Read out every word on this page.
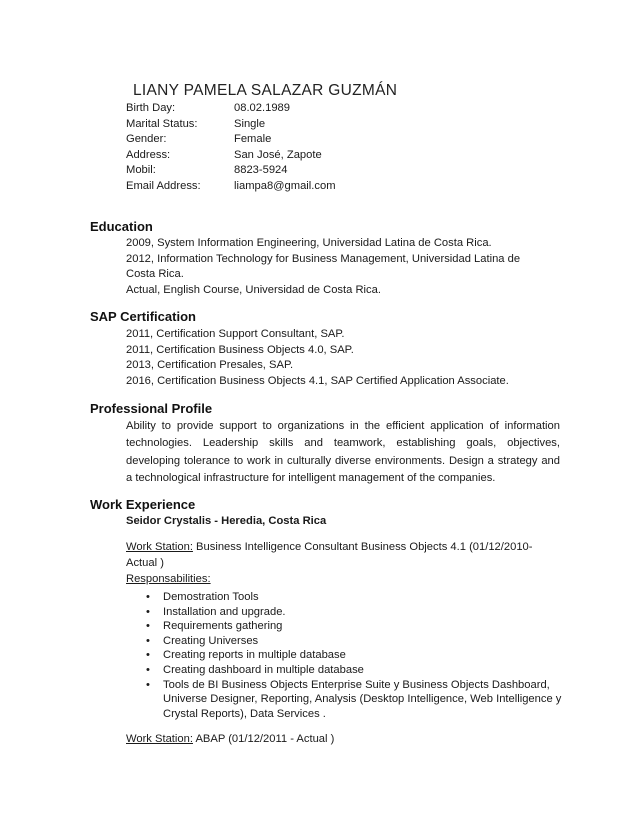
LIANY PAMELA SALAZAR GUZMÁN
Birth Day:	08.02.1989
Marital Status:	Single
Gender:	Female
Address:	San José, Zapote
Mobil:	8823-5924
Email Address:	liampa8@gmail.com
Education
2009, System Information Engineering, Universidad Latina de Costa Rica.
2012, Information Technology for Business Management, Universidad Latina de
Costa Rica.
Actual, English Course, Universidad de Costa Rica.
SAP Certification
2011, Certification Support Consultant, SAP.
2011, Certification Business Objects 4.0, SAP.
2013, Certification Presales, SAP.
2016, Certification Business Objects 4.1, SAP Certified Application Associate.
Professional Profile
Ability to provide support to organizations in the efficient application of information technologies. Leadership skills and teamwork, establishing goals, objectives, developing tolerance to work in culturally diverse environments. Design a strategy and a technological infrastructure for intelligent management of the companies.
Work Experience
Seidor Crystalis - Heredia, Costa Rica
Work Station: Business Intelligence Consultant Business Objects 4.1 (01/12/2010- Actual )
Responsabilities:
•	Demostration Tools
•	Installation and upgrade.
•	Requirements gathering
•	Creating Universes
•	Creating reports in multiple database
•	Creating dashboard in multiple database
•	Tools de BI Business Objects Enterprise Suite y Business Objects Dashboard, Universe Designer, Reporting, Analysis (Desktop Intelligence, Web Intelligence y Crystal Reports), Data Services .
Work Station: ABAP (01/12/2011 - Actual )
